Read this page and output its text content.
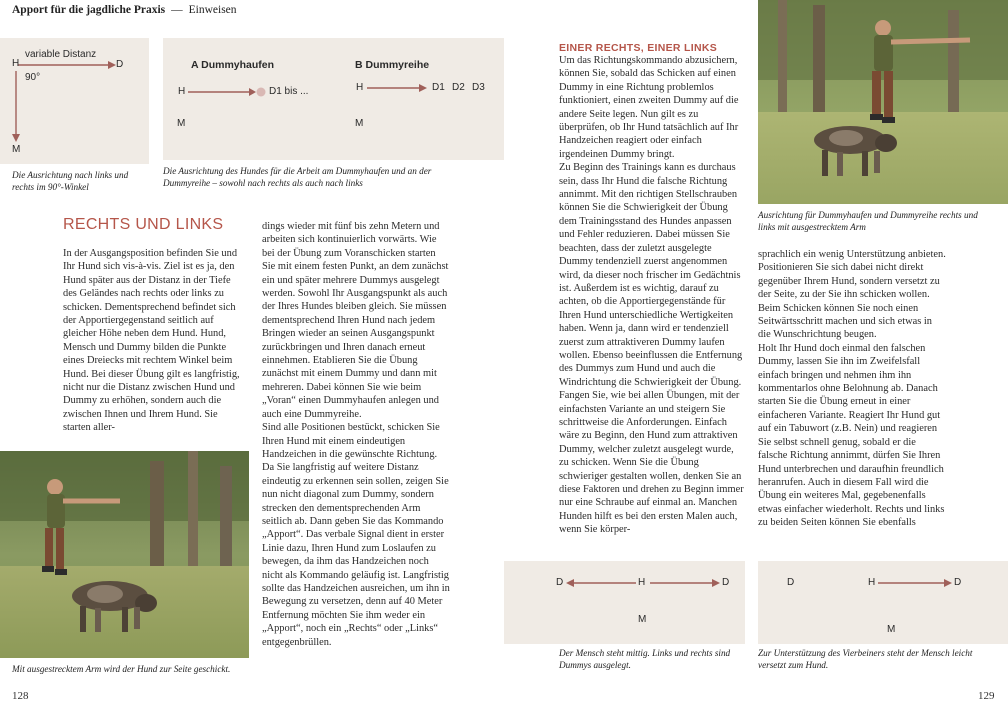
Apport für die jagdliche Praxis — Einweisen
H	D
variable Distanz
90°
M
Die Ausrichtung nach links und rechts im 90°-Winkel
A Dummyhaufen
H	D1 bis ...
M
B Dummyreihe
H	D1 D2 D3
M
Die Ausrichtung des Hundes für die Arbeit am Dummyhaufen und an der Dummyreihe – sowohl nach rechts als auch nach links
RECHTS UND LINKS

In der Ausgangsposition befinden Sie und Ihr Hund sich vis-à-vis. Ziel ist es ja, den Hund später aus der Distanz in der Tiefe des Geländes nach rechts oder links zu schicken. Dementsprechend befindet sich der Apportiergegenstand seitlich auf gleicher Höhe neben dem Hund. Hund, Mensch und Dummy bilden die Punkte eines Dreiecks mit rechtem Winkel beim Hund. Bei dieser Übung gilt es langfristig, nicht nur die Distanz zwischen Hund und Dummy zu erhöhen, sondern auch die zwischen Ihnen und Ihrem Hund. Sie starten aller-

dings wieder mit fünf bis zehn Metern und arbeiten sich kontinuierlich vorwärts. Wie bei der Übung zum Voranschicken starten Sie mit einem festen Punkt, an dem zunächst ein und später mehrere Dummys ausgelegt werden. Sowohl Ihr Ausgangspunkt als auch der Ihres Hundes bleiben gleich. Sie müssen dementsprechend Ihren Hund nach jedem Bringen wieder an seinen Ausgangspunkt zurückbringen und Ihren danach erneut einnehmen. Etablieren Sie die Übung zunächst mit einem Dummy und dann mit mehreren. Dabei können Sie wie beim „Voran“ einen Dummyhaufen anlegen und auch eine Dummyreihe.

Sind alle Positionen bestückt, schicken Sie Ihren Hund mit einem eindeutigen Handzeichen in die gewünschte Richtung. Da Sie langfristig auf weitere Distanz eindeutig zu erkennen sein sollen, zeigen Sie nun nicht diagonal zum Dummy, sondern strecken den dementsprechenden Arm seitlich ab. Dann geben Sie das Kommando „Apport“. Das verbale Signal dient in erster Linie dazu, Ihren Hund zum Loslaufen zu bewegen, da ihm das Handzeichen noch nicht als Kommando geläufig ist. Langfristig sollte das Handzeichen ausreichen, um ihn in Bewegung zu versetzen, denn auf 40 Meter Entfernung möchten Sie ihm weder ein „Apport“, noch ein „Rechts“ oder „Links“ entgegenbrüllen.

Mit ausgestrecktem Arm wird der Hund zur Seite geschickt.
EINER RECHTS, EINER LINKS

Um das Richtungskommando abzusichern, können Sie, sobald das Schicken auf einen Dummy in eine Richtung problemlos funktioniert, einen zweiten Dummy auf die andere Seite legen. Nun gilt es zu überprüfen, ob Ihr Hund tatsächlich auf Ihr Handzeichen reagiert oder einfach irgendeinen Dummy bringt.

Zu Beginn des Trainings kann es durchaus sein, dass Ihr Hund die falsche Richtung annimmt. Mit den richtigen Stellschrauben können Sie die Schwierigkeit der Übung dem Trainingsstand des Hundes anpassen und Fehler reduzieren. Dabei müssen Sie beachten, dass der zuletzt ausgelegte Dummy tendenziell zuerst angenommen wird, da dieser noch frischer im Gedächtnis ist. Außerdem ist es wichtig, darauf zu achten, ob die Apportiergegenstände für Ihren Hund unterschiedliche Wertigkeiten haben. Wenn ja, dann wird er tendenziell zuerst zum attraktiveren Dummy laufen wollen. Ebenso beeinflussen die Entfernung des Dummys zum Hund und auch die Windrichtung die Schwierigkeit der Übung. Fangen Sie, wie bei allen Übungen, mit der einfachsten Variante an und steigern Sie schrittweise die Anforderungen. Einfach wäre zu Beginn, den Hund zum attraktiven Dummy, welcher zuletzt ausgelegt wurde, zu schicken. Wenn Sie die Übung schwieriger gestalten wollen, denken Sie an diese Faktoren und drehen zu Beginn immer nur eine Schraube auf einmal an. Manchen Hunden hilft es bei den ersten Malen auch, wenn Sie körper-

Ausrichtung für Dummyhaufen und Dummyreihe rechts und links mit ausgestrecktem Arm

sprachlich ein wenig Unterstützung anbieten. Positionieren Sie sich dabei nicht direkt gegenüber Ihrem Hund, sondern versetzt zu der Seite, zu der Sie ihn schicken wollen. Beim Schicken können Sie noch einen Seitwärtsschritt machen und sich etwas in die Wunschrichtung beugen.

Holt Ihr Hund doch einmal den falschen Dummy, lassen Sie ihn im Zweifelsfall einfach bringen und nehmen ihm ihn kommentarlos ohne Belohnung ab. Danach starten Sie die Übung erneut in einer einfacheren Variante. Reagiert Ihr Hund gut auf ein Tabuwort (z.B. Nein) und reagieren Sie selbst schnell genug, sobald er die falsche Richtung annimmt, dürfen Sie Ihren Hund unterbrechen und daraufhin freundlich heranrufen. Auch in diesem Fall wird die Übung ein weiteres Mal, gegebenenfalls etwas einfacher wiederholt. Rechts und links zu beiden Seiten können Sie ebenfalls

D	H	D
M
Der Mensch steht mittig. Links und rechts sind Dummys ausgelegt.
D	H	D
M
Zur Unterstützung des Vierbeiners steht der Mensch leicht versetzt zum Hund.
128	129
